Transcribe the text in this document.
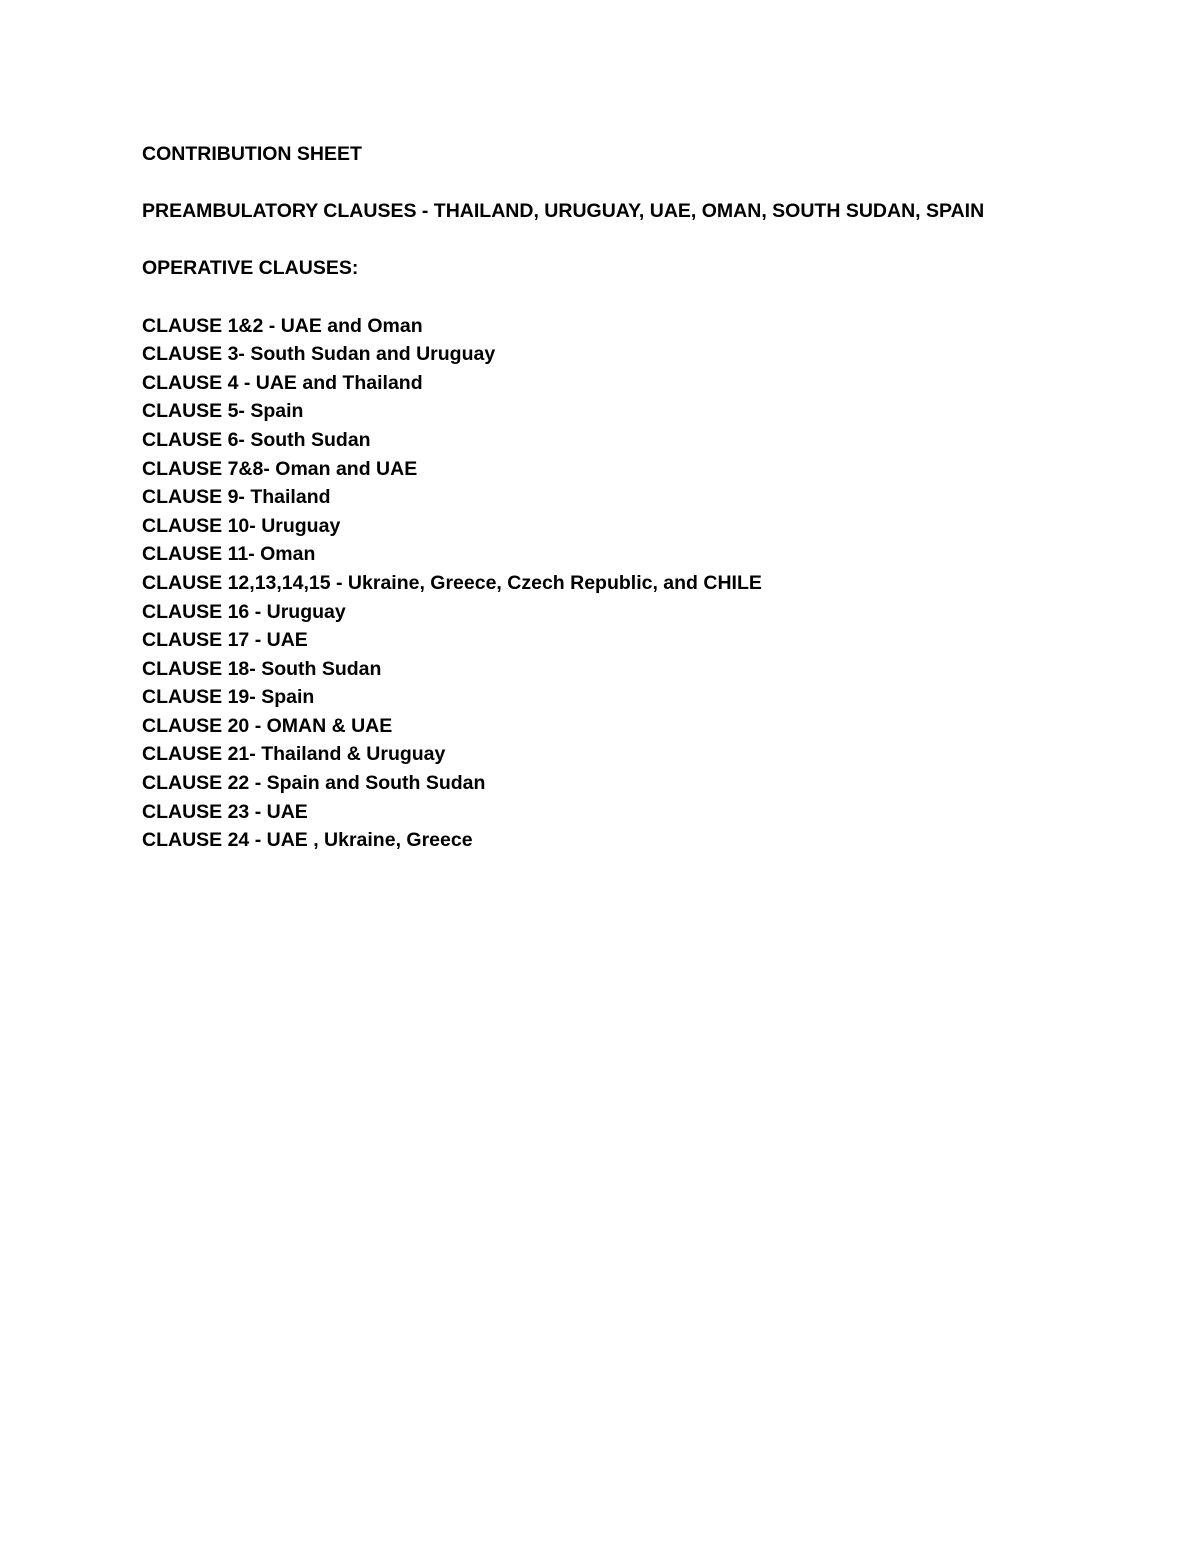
CONTRIBUTION SHEET

PREAMBULATORY CLAUSES - THAILAND, URUGUAY, UAE, OMAN, SOUTH SUDAN, SPAIN

OPERATIVE CLAUSES:

CLAUSE 1&2 - UAE and Oman
CLAUSE 3- South Sudan and Uruguay
CLAUSE 4 - UAE and Thailand
CLAUSE 5- Spain
CLAUSE 6- South Sudan
CLAUSE 7&8- Oman and UAE
CLAUSE 9- Thailand
CLAUSE 10- Uruguay
CLAUSE 11- Oman
CLAUSE 12,13,14,15 - Ukraine, Greece, Czech Republic, and CHILE
CLAUSE 16 - Uruguay
CLAUSE 17 - UAE
CLAUSE 18- South Sudan
CLAUSE 19- Spain
CLAUSE 20 - OMAN & UAE
CLAUSE 21- Thailand & Uruguay
CLAUSE 22 - Spain and South Sudan
CLAUSE 23 - UAE
CLAUSE 24 - UAE , Ukraine, Greece
